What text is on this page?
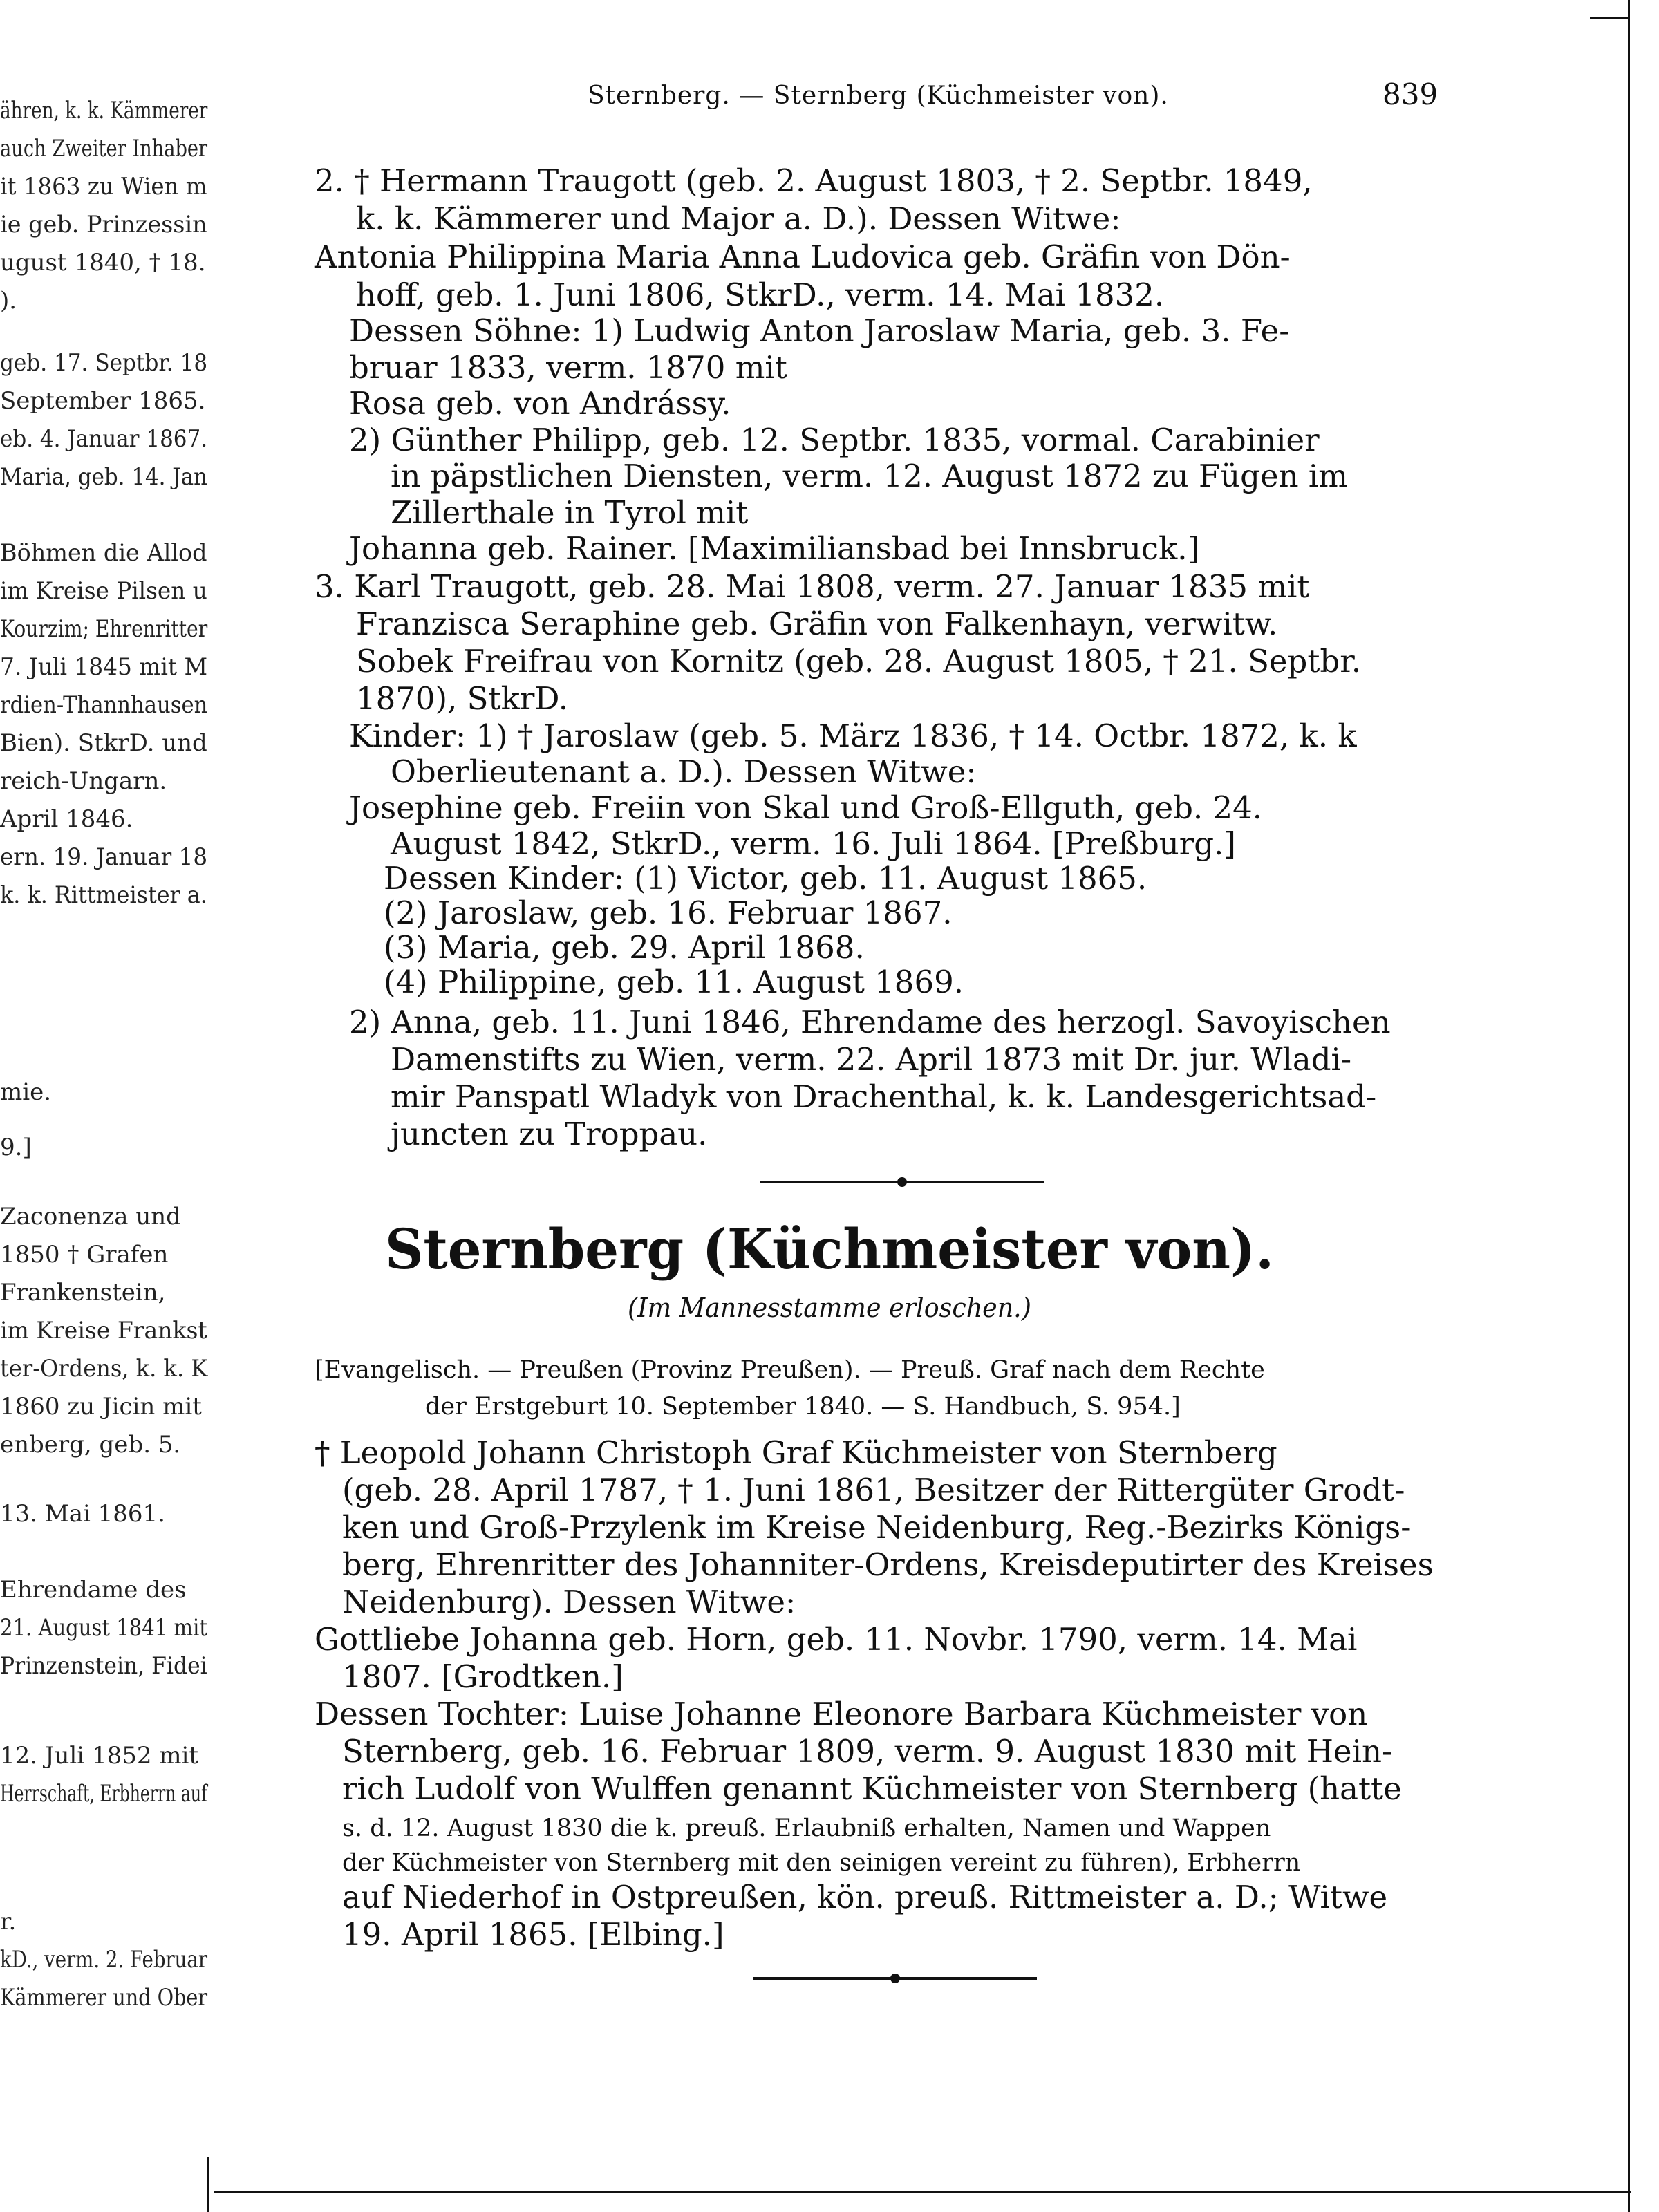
ähren, k. k. Kämmerer
auch Zweiter Inhaber
it 1863 zu Wien m
ie geb. Prinzessin
ugust 1840, † 18.
).
geb. 17. Septbr. 18
September 1865.
eb. 4. Januar 1867.
Maria, geb. 14. Jan
Böhmen die Allod
im Kreise Pilsen u
Kourzim; Ehrenritter
7. Juli 1845 mit M
rdien-Thannhausen
Bien). StkrD. und
reich-Ungarn.
April 1846.
ern. 19. Januar 18
k. k. Rittmeister a.
mie.
9.]
Zaconenza und
1850 † Grafen
Frankenstein,
im Kreise Frankst
ter-Ordens, k. k. K
1860 zu Jicin mit
enberg, geb. 5.
13. Mai 1861.
Ehrendame des
21. August 1841 mit
Prinzenstein, Fidei
12. Juli 1852 mit
Herrschaft, Erbherrn auf
r.
kD., verm. 2. Februar
Kämmerer und Ober
Sternberg. — Sternberg (Küchmeister von).	839
2. † Hermann Traugott (geb. 2. August 1803, † 2. Septbr. 1849,
k. k. Kämmerer und Major a. D.). Dessen Witwe:
Antonia Philippina Maria Anna Ludovica geb. Gräfin von Dön-
hoff, geb. 1. Juni 1806, StkrD., verm. 14. Mai 1832.
Dessen Söhne: 1) Ludwig Anton Jaroslaw Maria, geb. 3. Fe-
bruar 1833, verm. 1870 mit
Rosa geb. von Andrássy.
2) Günther Philipp, geb. 12. Septbr. 1835, vormal. Carabinier
in päpstlichen Diensten, verm. 12. August 1872 zu Fügen im
Zillerthale in Tyrol mit
Johanna geb. Rainer. [Maximiliansbad bei Innsbruck.]
3. Karl Traugott, geb. 28. Mai 1808, verm. 27. Januar 1835 mit
Franzisca Seraphine geb. Gräfin von Falkenhayn, verwitw.
Sobek Freifrau von Kornitz (geb. 28. August 1805, † 21. Septbr.
1870), StkrD.
Kinder: 1) † Jaroslaw (geb. 5. März 1836, † 14. Octbr. 1872, k. k
Oberlieutenant a. D.). Dessen Witwe:
Josephine geb. Freiin von Skal und Groß-Ellguth, geb. 24.
August 1842, StkrD., verm. 16. Juli 1864. [Preßburg.]
Dessen Kinder: (1) Victor, geb. 11. August 1865.
(2) Jaroslaw, geb. 16. Februar 1867.
(3) Maria, geb. 29. April 1868.
(4) Philippine, geb. 11. August 1869.
2) Anna, geb. 11. Juni 1846, Ehrendame des herzogl. Savoyischen
Damenstifts zu Wien, verm. 22. April 1873 mit Dr. jur. Wladi-
mir Panspatl Wladyk von Drachenthal, k. k. Landesgerichtsad-
juncten zu Troppau.
Sternberg (Küchmeister von).
(Im Mannesstamme erloschen.)
[Evangelisch. — Preußen (Provinz Preußen). — Preuß. Graf nach dem Rechte
der Erstgeburt 10. September 1840. — S. Handbuch, S. 954.]
† Leopold Johann Christoph Graf Küchmeister von Sternberg
(geb. 28. April 1787, † 1. Juni 1861, Besitzer der Rittergüter Grodt-
ken und Groß-Przylenk im Kreise Neidenburg, Reg.-Bezirks Königs-
berg, Ehrenritter des Johanniter-Ordens, Kreisdeputirter des Kreises
Neidenburg). Dessen Witwe:
Gottliebe Johanna geb. Horn, geb. 11. Novbr. 1790, verm. 14. Mai
1807. [Grodtken.]
Dessen Tochter: Luise Johanne Eleonore Barbara Küchmeister von
Sternberg, geb. 16. Februar 1809, verm. 9. August 1830 mit Hein-
rich Ludolf von Wulffen genannt Küchmeister von Sternberg (hatte
s. d. 12. August 1830 die k. preuß. Erlaubniß erhalten, Namen und Wappen
der Küchmeister von Sternberg mit den seinigen vereint zu führen), Erbherrn
auf Niederhof in Ostpreußen, kön. preuß. Rittmeister a. D.; Witwe
19. April 1865. [Elbing.]
